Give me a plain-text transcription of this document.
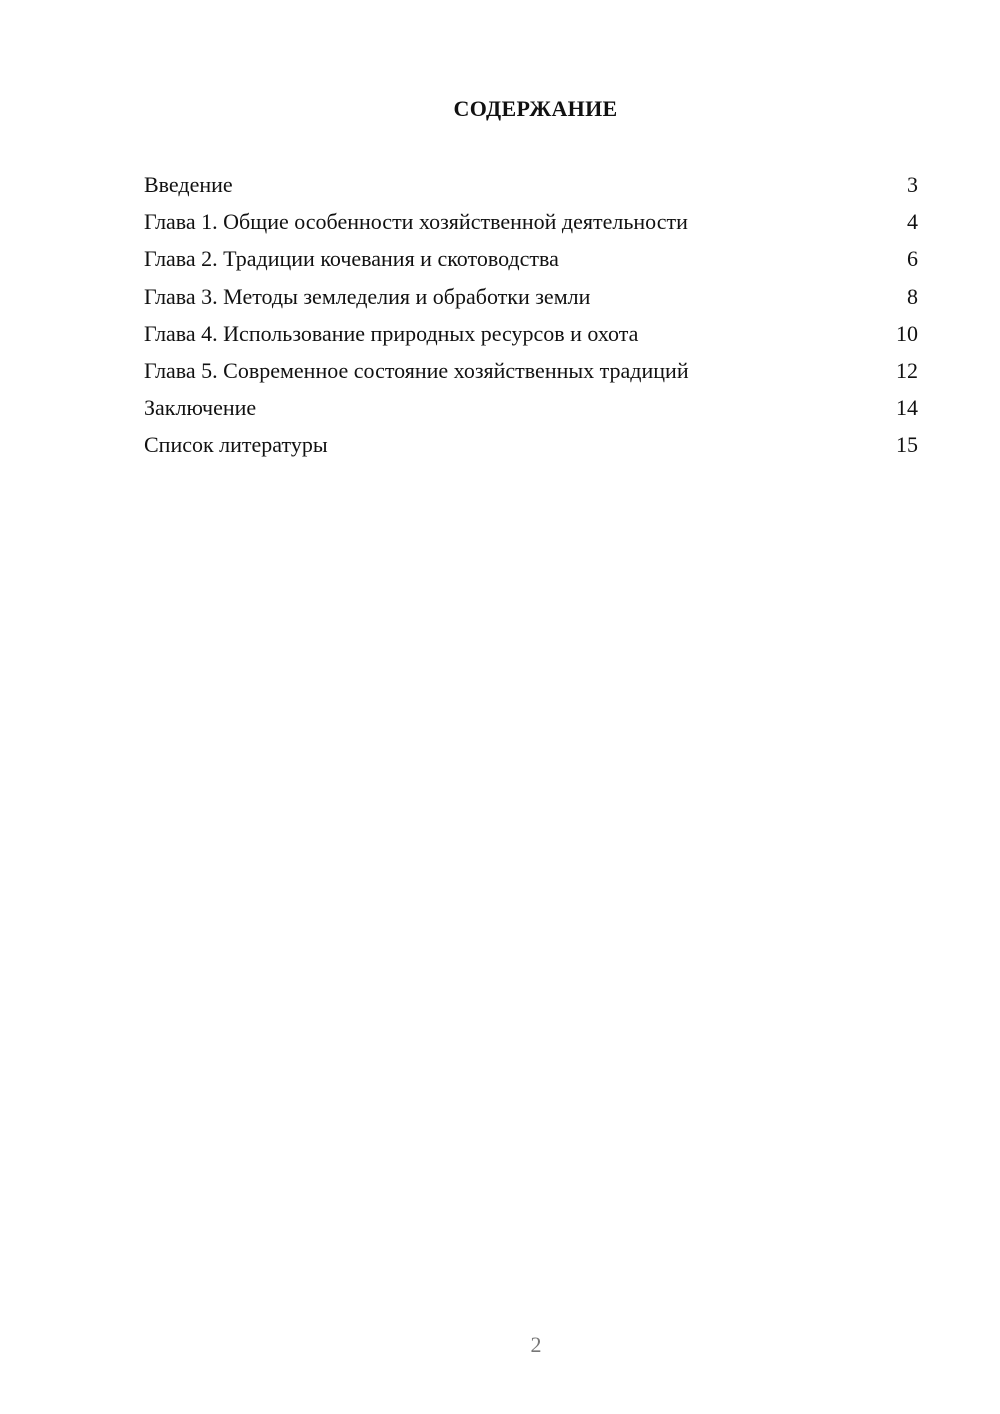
СОДЕРЖАНИЕ
Введение	3
Глава 1. Общие особенности хозяйственной деятельности	4
Глава 2. Традиции кочевания и скотоводства	6
Глава 3. Методы земледелия и обработки земли	8
Глава 4. Использование природных ресурсов и охота	10
Глава 5. Современное состояние хозяйственных традиций	12
Заключение	14
Список литературы	15
2
